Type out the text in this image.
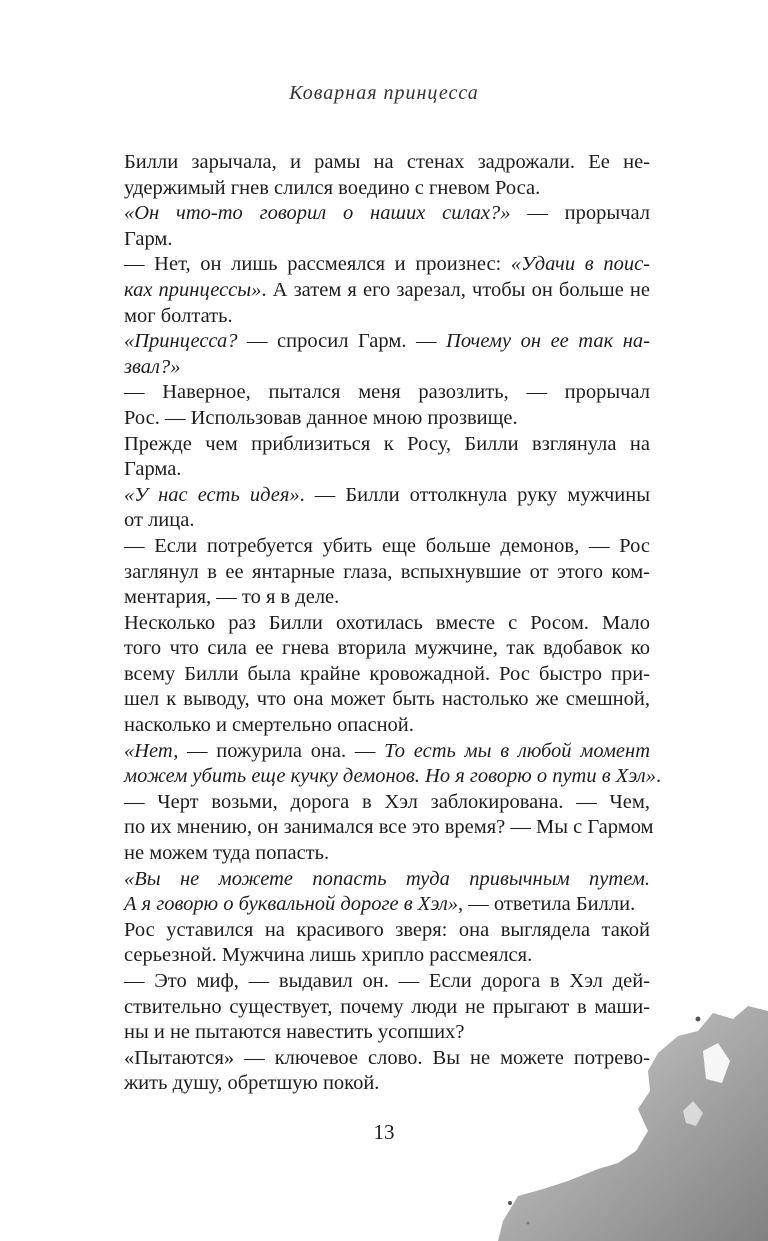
Коварная принцесса
Билли зарычала, и рамы на стенах задрожали. Ее не-
удержимый гнев слился воедино с гневом Роса.
«Он что-то говорил о наших силах?» — прорычал
Гарм.
— Нет, он лишь рассмеялся и произнес: «Удачи в поис-
ках принцессы». А затем я его зарезал, чтобы он больше не
мог болтать.
«Принцесса? — спросил Гарм. — Почему он ее так на-
звал?»
— Наверное, пытался меня разозлить, — прорычал
Рос. — Использовав данное мною прозвище.
Прежде чем приблизиться к Росу, Билли взглянула на
Гарма.
«У нас есть идея». — Билли оттолкнула руку мужчины
от лица.
— Если потребуется убить еще больше демонов, — Рос
заглянул в ее янтарные глаза, вспыхнувшие от этого ком-
ментария, — то я в деле.
Несколько раз Билли охотилась вместе с Росом. Мало
того что сила ее гнева вторила мужчине, так вдобавок ко
всему Билли была крайне кровожадной. Рос быстро при-
шел к выводу, что она может быть настолько же смешной,
насколько и смертельно опасной.
«Нет, — пожурила она. — То есть мы в любой момент
можем убить еще кучку демонов. Но я говорю о пути в Хэл».
— Черт возьми, дорога в Хэл заблокирована. — Чем,
по их мнению, он занимался все это время? — Мы с Гармом
не можем туда попасть.
«Вы не можете попасть туда привычным путем.
А я говорю о буквальной дороге в Хэл», — ответила Билли.
Рос уставился на красивого зверя: она выглядела такой
серьезной. Мужчина лишь хрипло рассмеялся.
— Это миф, — выдавил он. — Если дорога в Хэл дей-
ствительно существует, почему люди не прыгают в маши-
ны и не пытаются навестить усопших?
«Пытаются» — ключевое слово. Вы не можете потрево-
жить душу, обретшую покой.
13
